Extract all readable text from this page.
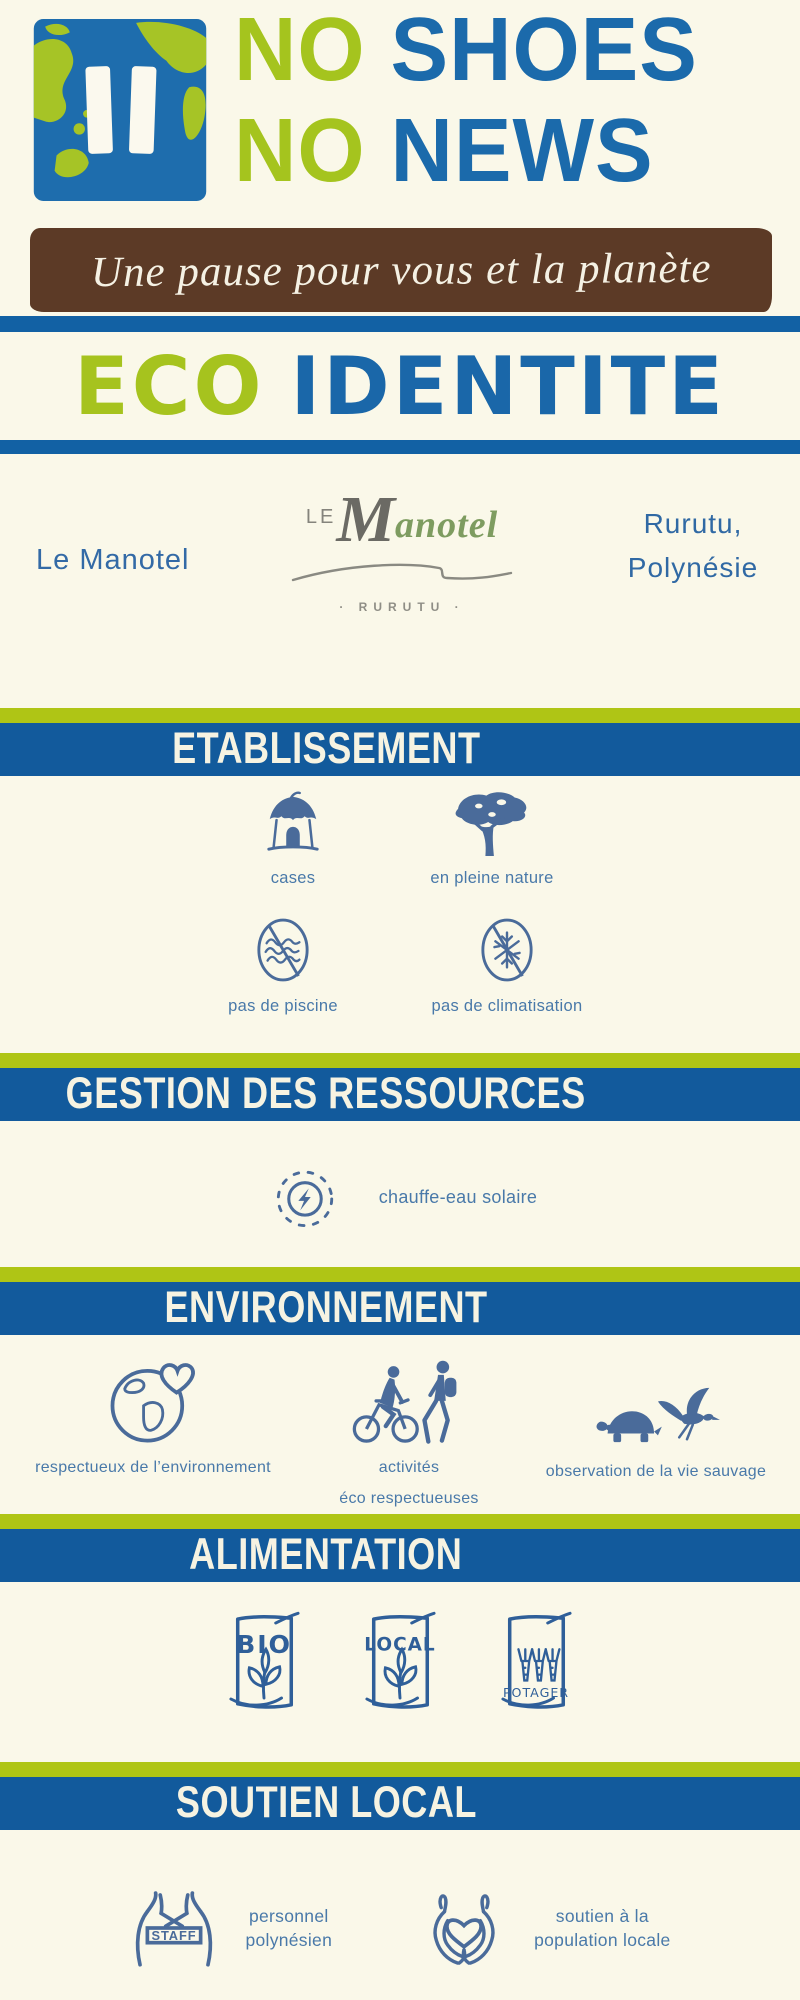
NO SHOES
NO NEWS
Une pause pour vous et la planète
ECO IDENTITE
Le Manotel
LEManotel
· RURUTU ·
Rurutu,
Polynésie
ETABLISSEMENT
cases	en pleine nature
pas de piscine	pas de climatisation
GESTION DES RESSOURCES
chauffe-eau solaire
ENVIRONNEMENT
respectueux de l’environnement	activités
éco respectueuses
observation de la vie sauvage
ALIMENTATION
BIO	LOCAL
POTAGER
SOUTIEN LOCAL
STAFF
personnel
polynésien
soutien à la
population locale
